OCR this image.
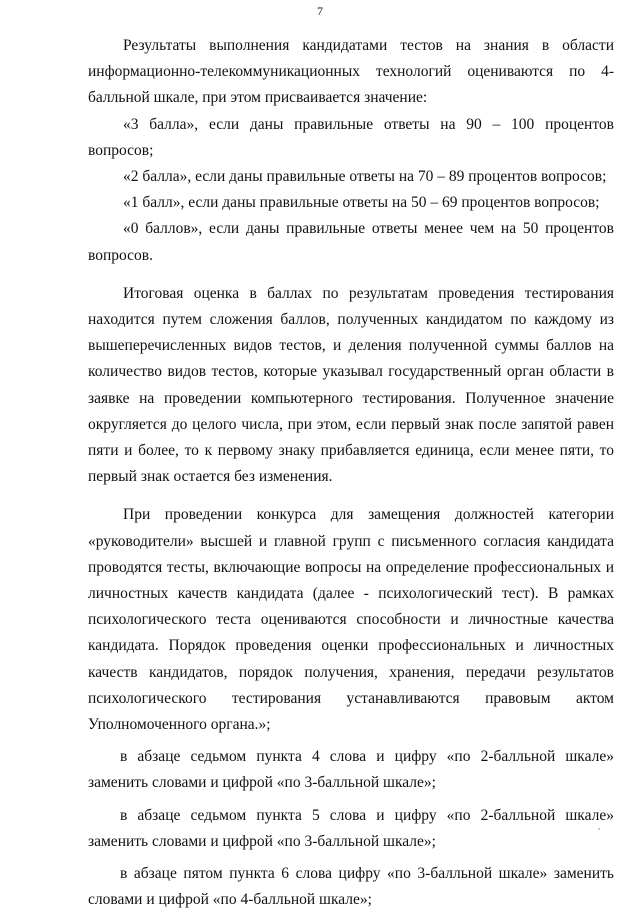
7

Результаты выполнения кандидатами тестов на знания в области информационно-телекоммуникационных технологий оцениваются по 4-балльной шкале, при этом присваивается значение:

«3 балла», если даны правильные ответы на 90 – 100 процентов вопросов;

«2 балла», если даны правильные ответы на 70 – 89 процентов вопросов;

«1 балл», если даны правильные ответы на 50 – 69 процентов вопросов;

«0 баллов», если даны правильные ответы менее чем на 50 процентов вопросов.

Итоговая оценка в баллах по результатам проведения тестирования находится путем сложения баллов, полученных кандидатом по каждому из вышеперечисленных видов тестов, и деления полученной суммы баллов на количество видов тестов, которые указывал государственный орган области в заявке на проведении компьютерного тестирования. Полученное значение округляется до целого числа, при этом, если первый знак после запятой равен пяти и более, то к первому знаку прибавляется единица, если менее пяти, то первый знак остается без изменения.

При проведении конкурса для замещения должностей категории «руководители» высшей и главной групп с письменного согласия кандидата проводятся тесты, включающие вопросы на определение профессиональных и личностных качеств кандидата (далее - психологический тест). В рамках психологического теста оцениваются способности и личностные качества кандидата. Порядок проведения оценки профессиональных и личностных качеств кандидатов, порядок получения, хранения, передачи результатов психологического тестирования устанавливаются правовым актом Уполномоченного органа.»;

в абзаце седьмом пункта 4 слова и цифру «по 2-балльной шкале» заменить словами и цифрой «по 3-балльной шкале»;

в абзаце седьмом пункта 5 слова и цифру «по 2-балльной шкале» заменить словами и цифрой «по 3-балльной шкале»;

в абзаце пятом пункта 6 слова цифру «по 3-балльной шкале» заменить словами и цифрой «по 4-балльной шкале»;
